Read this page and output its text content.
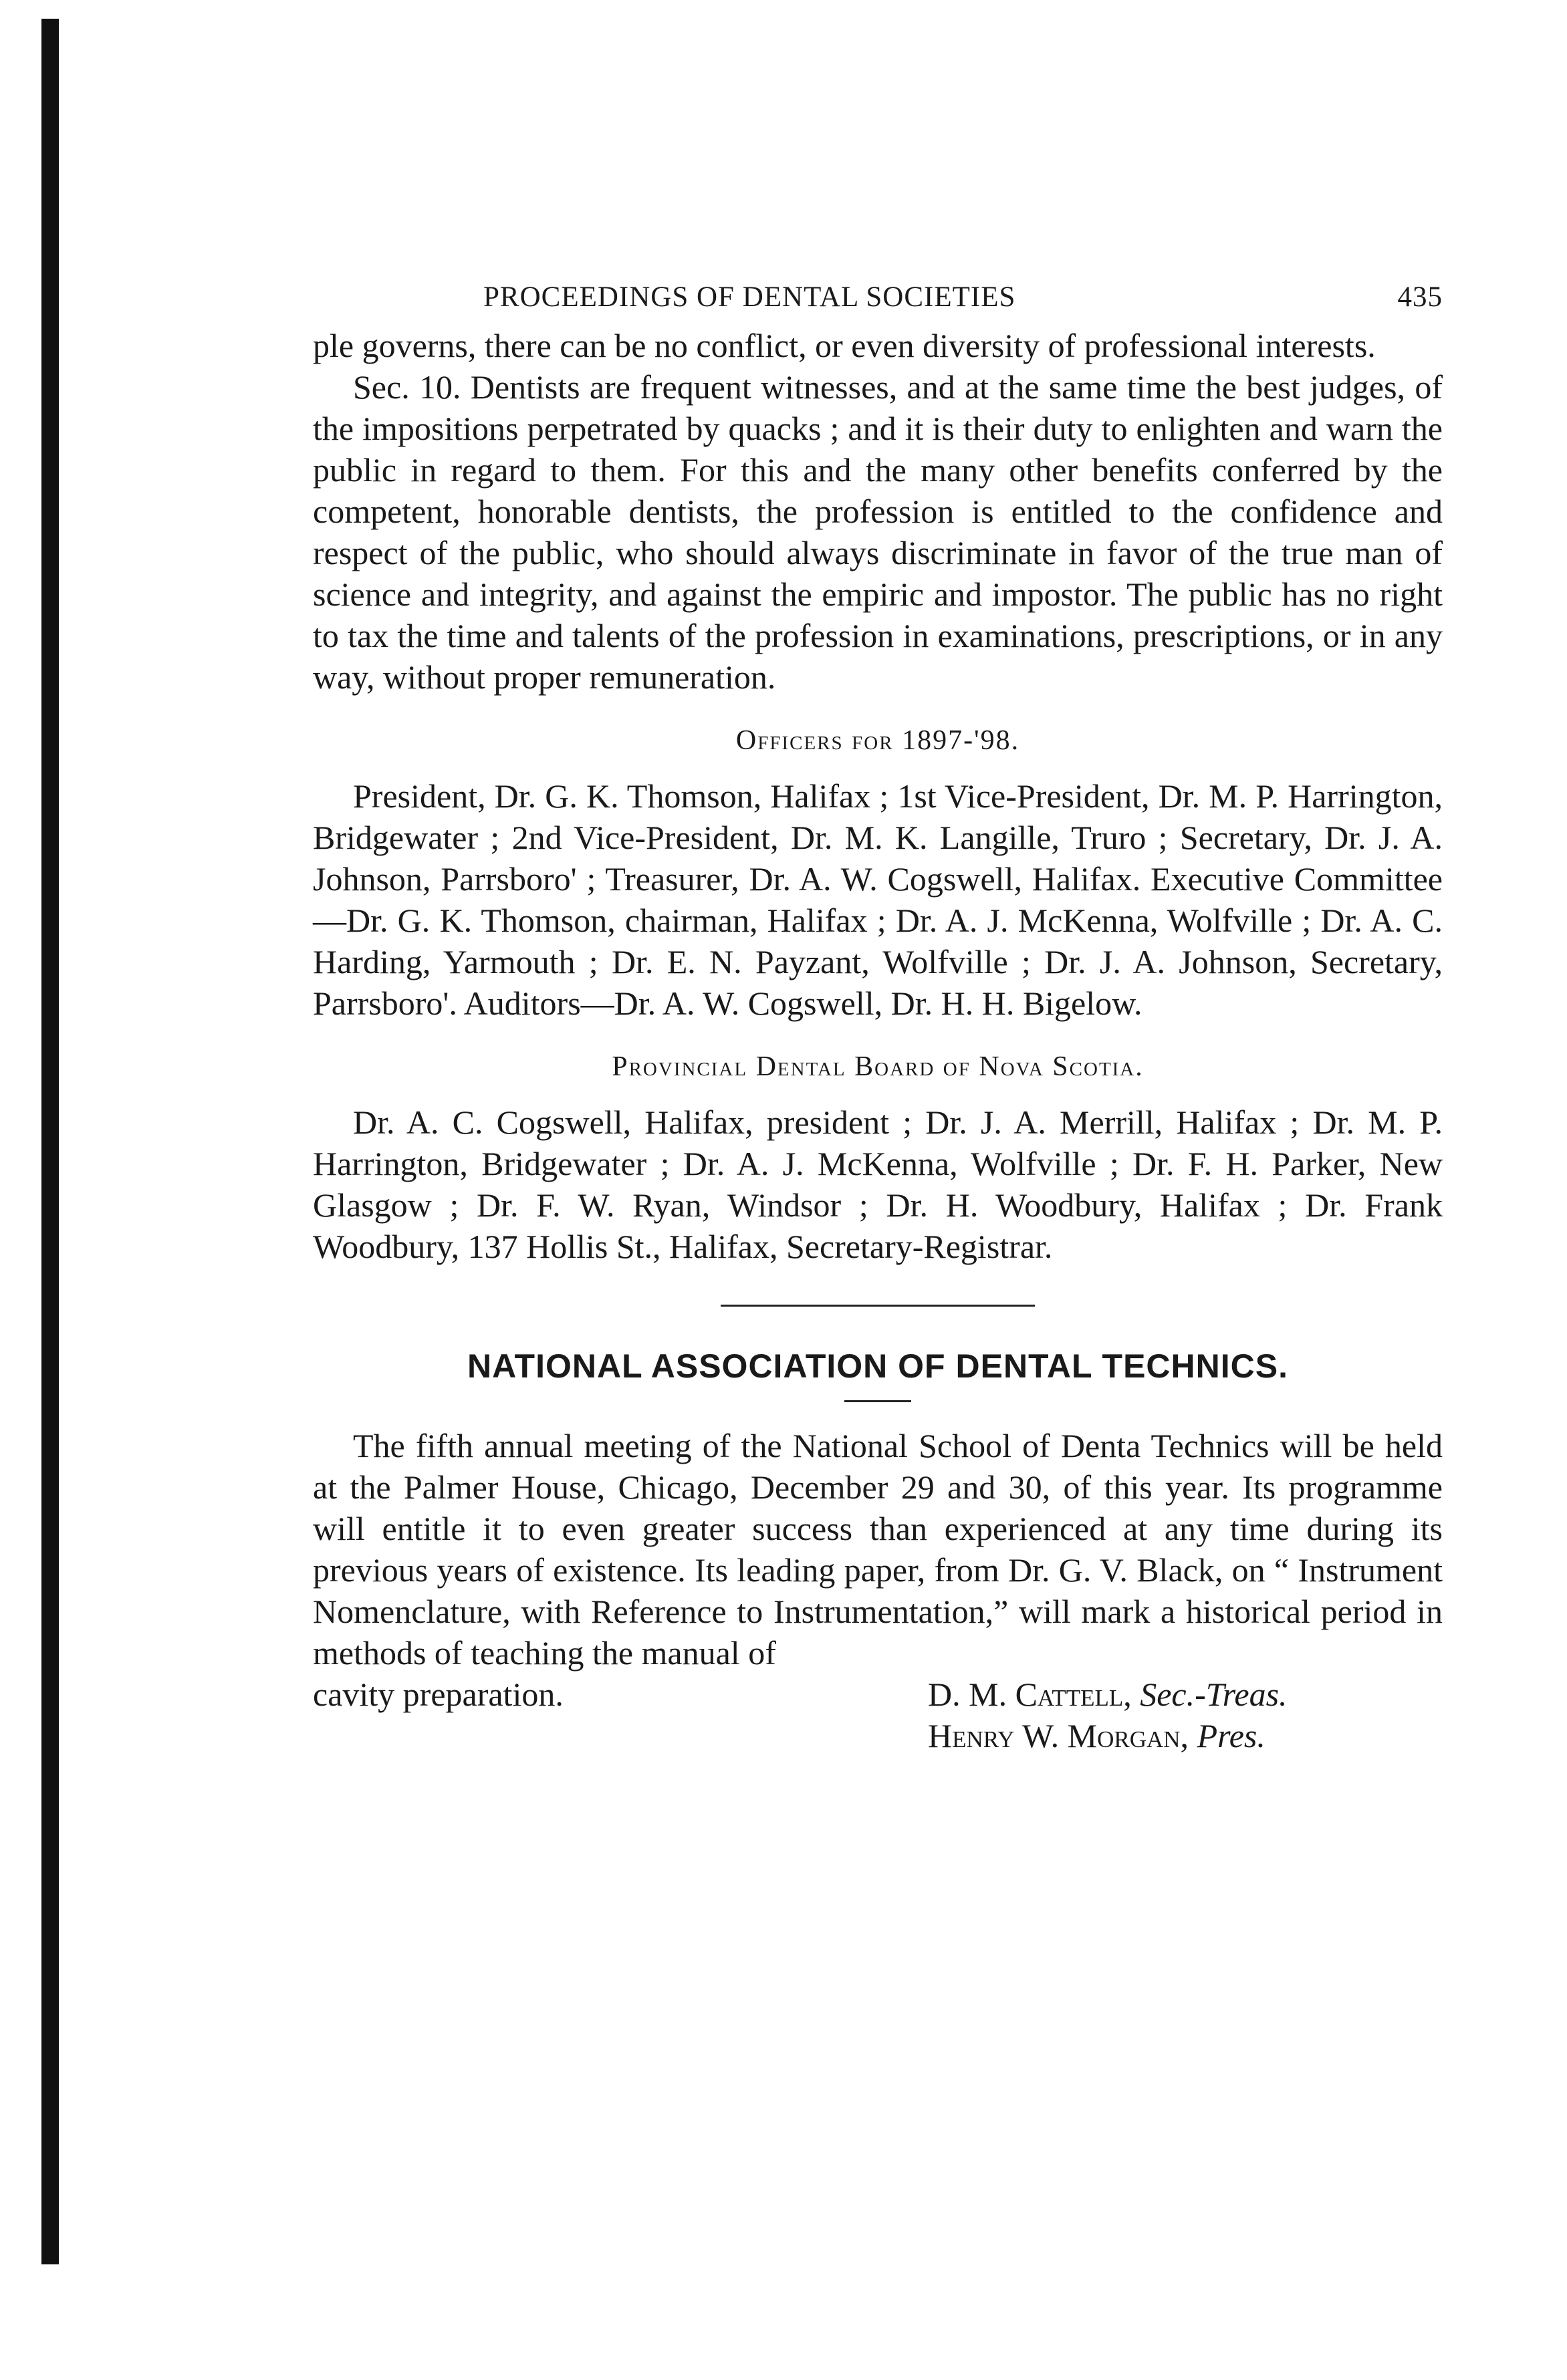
PROCEEDINGS OF DENTAL SOCIETIES	435

ple governs, there can be no conflict, or even diversity of professional interests.

Sec. 10. Dentists are frequent witnesses, and at the same time the best judges, of the impositions perpetrated by quacks ; and it is their duty to enlighten and warn the public in regard to them. For this and the many other benefits conferred by the competent, honorable dentists, the profession is entitled to the confidence and respect of the public, who should always discriminate in favor of the true man of science and integrity, and against the empiric and impostor. The public has no right to tax the time and talents of the profession in examinations, prescriptions, or in any way, without proper remuneration.

Officers for 1897-'98.

President, Dr. G. K. Thomson, Halifax ; 1st Vice-President, Dr. M. P. Harrington, Bridgewater ; 2nd Vice-President, Dr. M. K. Langille, Truro ; Secretary, Dr. J. A. Johnson, Parrsboro' ; Treasurer, Dr. A. W. Cogswell, Halifax. Executive Committee—Dr. G. K. Thomson, chairman, Halifax ; Dr. A. J. McKenna, Wolfville ; Dr. A. C. Harding, Yarmouth ; Dr. E. N. Payzant, Wolfville ; Dr. J. A. Johnson, Secretary, Parrsboro'. Auditors—Dr. A. W. Cogswell, Dr. H. H. Bigelow.

Provincial Dental Board of Nova Scotia.

Dr. A. C. Cogswell, Halifax, president ; Dr. J. A. Merrill, Halifax ; Dr. M. P. Harrington, Bridgewater ; Dr. A. J. McKenna, Wolfville ; Dr. F. H. Parker, New Glasgow ; Dr. F. W. Ryan, Windsor ; Dr. H. Woodbury, Halifax ; Dr. Frank Woodbury, 137 Hollis St., Halifax, Secretary-Registrar.

NATIONAL ASSOCIATION OF DENTAL TECHNICS.

The fifth annual meeting of the National School of Denta Technics will be held at the Palmer House, Chicago, December 29 and 30, of this year. Its programme will entitle it to even greater success than experienced at any time during its previous years of existence. Its leading paper, from Dr. G. V. Black, on “ Instrument Nomenclature, with Reference to Instrumentation,” will mark a historical period in methods of teaching the manual of

cavity preparation.	D. M. Cattell, Sec.-Treas.
Henry W. Morgan, Pres.
